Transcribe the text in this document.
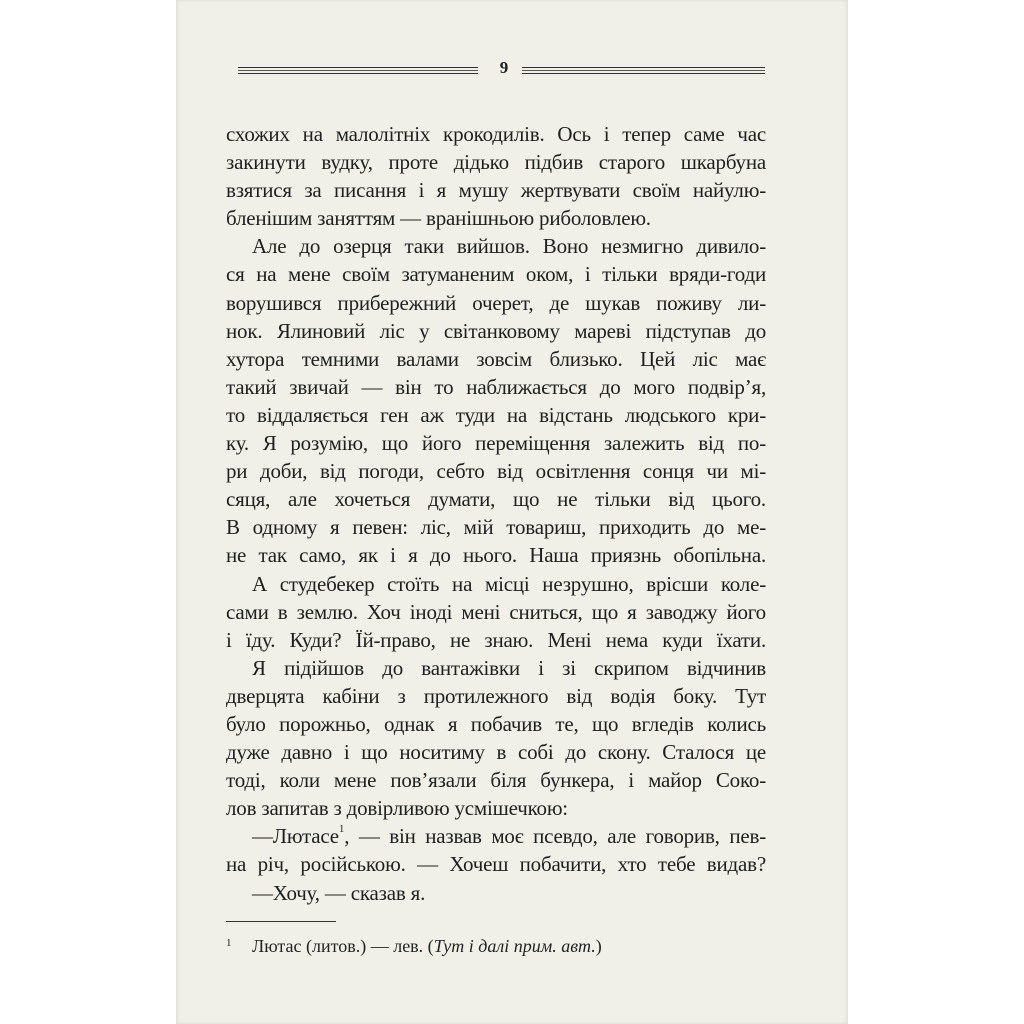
9
схожих на малолітніх крокодилів. Ось і тепер саме час
закинути вудку, проте дідько підбив старого шкарбуна
взятися за писання і я мушу жертвувати своїм найулю-
бленішим заняттям — вранішньою риболовлею.
Але до озерця таки вийшов. Воно незмигно дивило-
ся на мене своїм затуманеним оком, і тільки вряди-годи
ворушився прибережний очерет, де шукав поживу ли-
нок. Ялиновий ліс у світанковому мареві підступав до
хутора темними валами зовсім близько. Цей ліс має
такий звичай — він то наближається до мого подвір’я,
то віддаляється ген аж туди на відстань людського кри-
ку. Я розумію, що його переміщення залежить від по-
ри доби, від погоди, себто від освітлення сонця чи мі-
сяця, але хочеться думати, що не тільки від цього.
В одному я певен: ліс, мій товариш, приходить до ме-
не так само, як і я до нього. Наша приязнь обопільна.
А студебекер стоїть на місці незрушно, врісши коле-
сами в землю. Хоч іноді мені сниться, що я заводжу його
і їду. Куди? Їй-право, не знаю. Мені нема куди їхати.
Я підійшов до вантажівки і зі скрипом відчинив
дверцята кабіни з протилежного від водія боку. Тут
було порожньо, однак я побачив те, що вгледів колись
дуже давно і що носитиму в собі до скону. Сталося це
тоді, коли мене пов’язали біля бункера, і майор Соко-
лов запитав з довірливою усмішечкою:
—Лютасе$^1$, — він назвав моє псевдо, але говорив, пев-
на річ, російською. — Хочеш побачити, хто тебе видав?
—Хочу, — сказав я.
1 Лютас (литов.) — лев. (Тут і далі прим. авт.)
